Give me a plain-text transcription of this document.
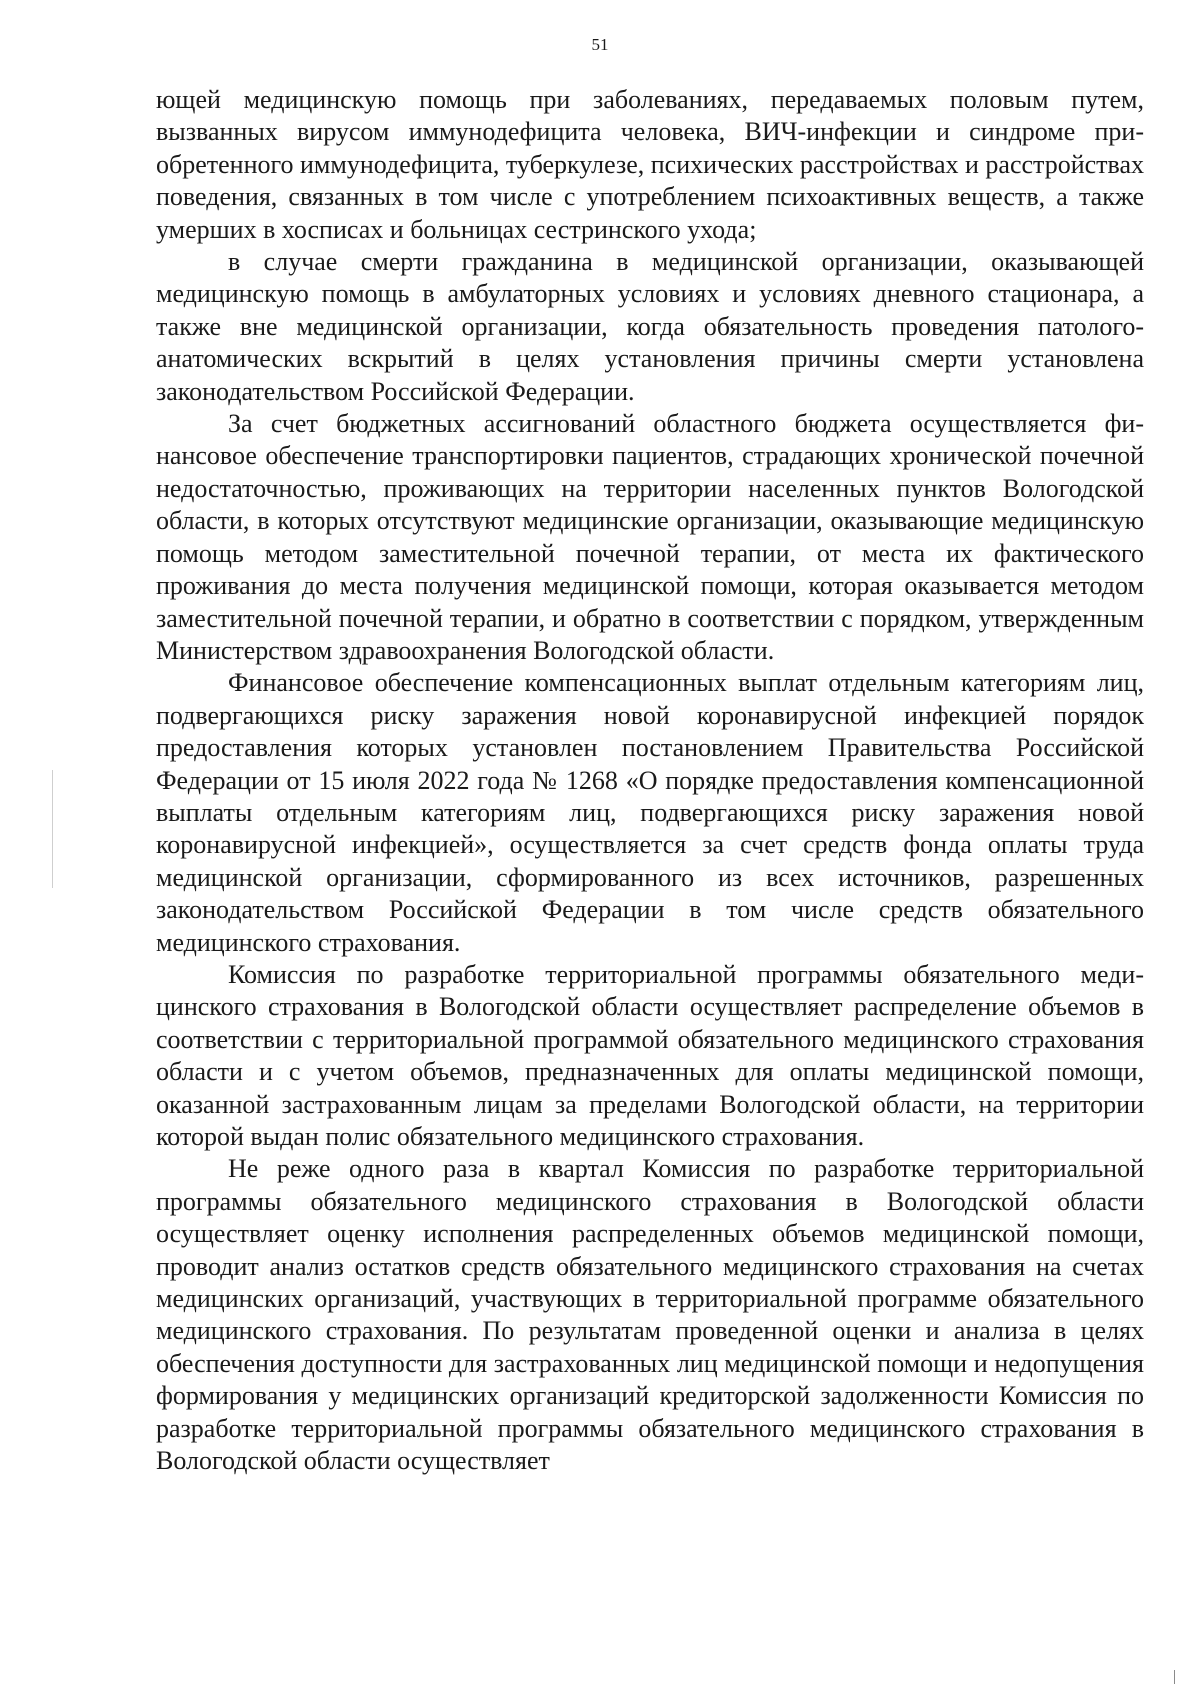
51

ющей медицинскую помощь при заболеваниях, передаваемых половым путем, вызванных вирусом иммунодефицита человека, ВИЧ-инфекции и синдроме приобретенного иммунодефицита, туберкулезе, психических расстройствах и расстройствах поведения, связанных в том числе с употреблением психоактивных веществ, а также умерших в хосписах и больницах сестринского ухода;

в случае смерти гражданина в медицинской организации, оказывающей медицинскую помощь в амбулаторных условиях и условиях дневного стационара, а также вне медицинской организации, когда обязательность проведения патолого-анатомических вскрытий в целях установления причины смерти установлена законодательством Российской Федерации.

За счет бюджетных ассигнований областного бюджета осуществляется финансовое обеспечение транспортировки пациентов, страдающих хронической почечной недостаточностью, проживающих на территории населенных пунктов Вологодской области, в которых отсутствуют медицинские организации, оказывающие медицинскую помощь методом заместительной почечной терапии, от места их фактического проживания до места получения медицинской помощи, которая оказывается методом заместительной почечной терапии, и обратно в соответствии с порядком, утвержденным Министерством здравоохранения Вологодской области.

Финансовое обеспечение компенсационных выплат отдельным категориям лиц, подвергающихся риску заражения новой коронавирусной инфекцией порядок предоставления которых установлен постановлением Правительства Российской Федерации от 15 июля 2022 года № 1268 «О порядке предоставления компенсационной выплаты отдельным категориям лиц, подвергающихся риску заражения новой коронавирусной инфекцией», осуществляется за счет средств фонда оплаты труда медицинской организации, сформированного из всех источников, разрешенных законодательством Российской Федерации в том числе средств обязательного медицинского страхования.

Комиссия по разработке территориальной программы обязательного медицинского страхования в Вологодской области осуществляет распределение объемов в соответствии с территориальной программой обязательного медицинского страхования области и с учетом объемов, предназначенных для оплаты медицинской помощи, оказанной застрахованным лицам за пределами Вологодской области, на территории которой выдан полис обязательного медицинского страхования.

Не реже одного раза в квартал Комиссия по разработке территориальной программы обязательного медицинского страхования в Вологодской области осуществляет оценку исполнения распределенных объемов медицинской помощи, проводит анализ остатков средств обязательного медицинского страхования на счетах медицинских организаций, участвующих в территориальной программе обязательного медицинского страхования. По результатам проведенной оценки и анализа в целях обеспечения доступности для застрахованных лиц медицинской помощи и недопущения формирования у медицинских организаций кредиторской задолженности Комиссия по разработке территориальной программы обязательного медицинского страхования в Вологодской области осуществляет
